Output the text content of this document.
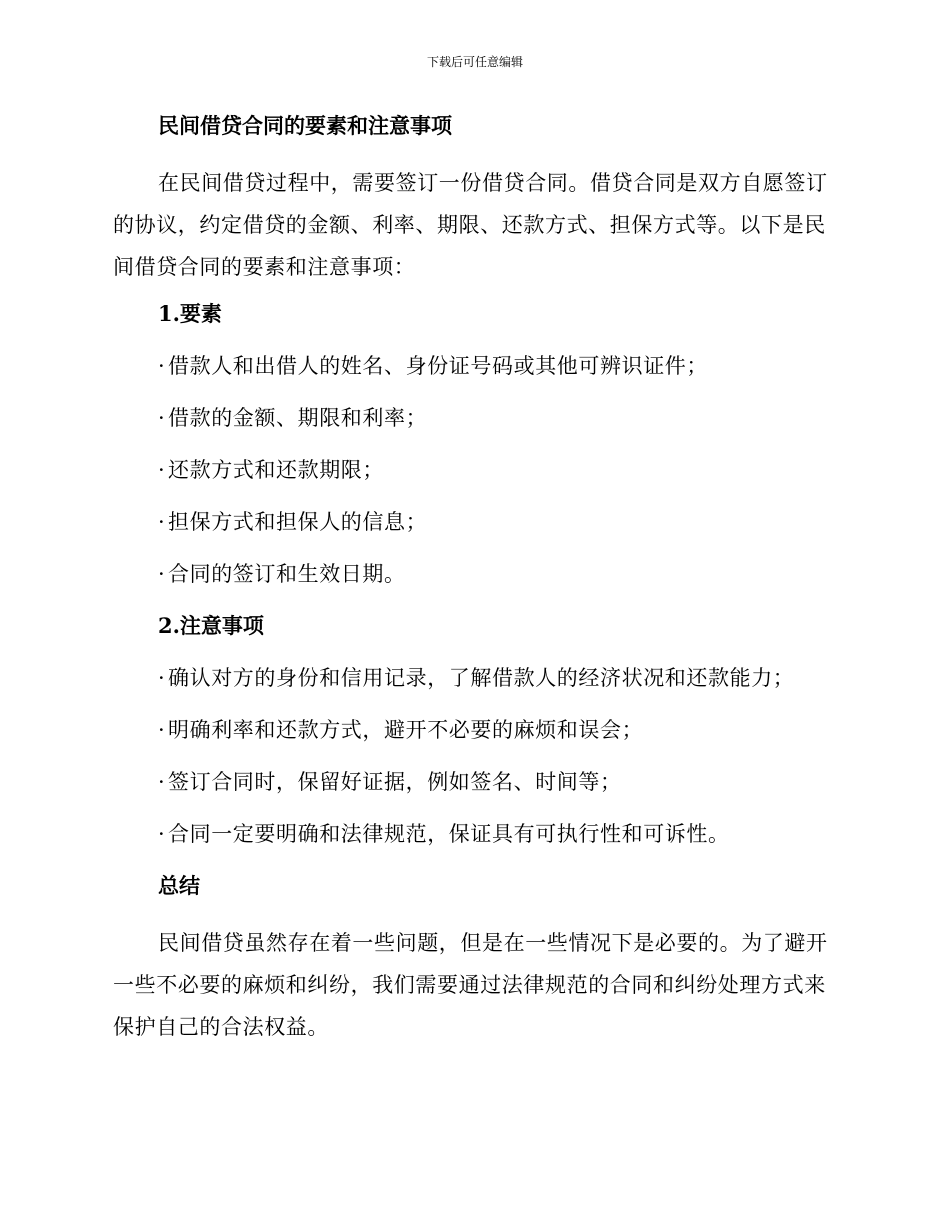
下载后可任意编辑
民间借贷合同的要素和注意事项

在民间借贷过程中，需要签订一份借贷合同。借贷合同是双方自愿签订的协议，约定借贷的金额、利率、期限、还款方式、担保方式等。以下是民间借贷合同的要素和注意事项：

1.要素
· 借款人和出借人的姓名、身份证号码或其他可辨识证件；
· 借款的金额、期限和利率；
· 还款方式和还款期限；
· 担保方式和担保人的信息；
· 合同的签订和生效日期。
2.注意事项
· 确认对方的身份和信用记录，了解借款人的经济状况和还款能力；
· 明确利率和还款方式，避开不必要的麻烦和误会；
· 签订合同时，保留好证据，例如签名、时间等；
· 合同一定要明确和法律规范，保证具有可执行性和可诉性。
总结

民间借贷虽然存在着一些问题，但是在一些情况下是必要的。为了避开一些不必要的麻烦和纠纷，我们需要通过法律规范的合同和纠纷处理方式来保护自己的合法权益。
